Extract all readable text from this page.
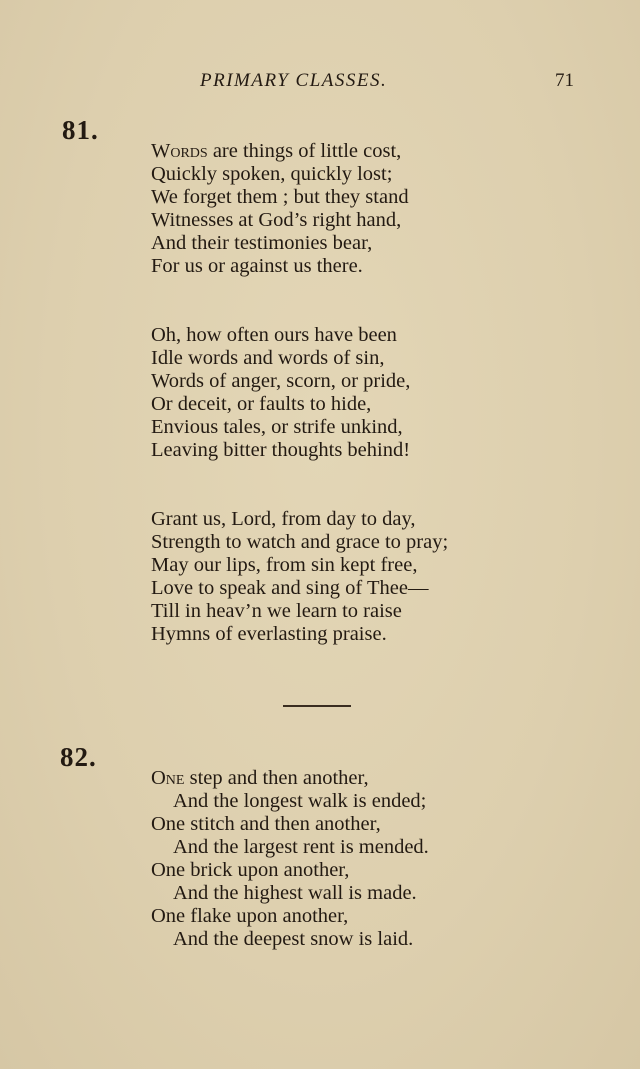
PRIMARY CLASSES.	71
81.
Words are things of little cost,
Quickly spoken, quickly lost;
We forget them ; but they stand
Witnesses at God’s right hand,
And their testimonies bear,
For us or against us there.
Oh, how often ours have been
Idle words and words of sin,
Words of anger, scorn, or pride,
Or deceit, or faults to hide,
Envious tales, or strife unkind,
Leaving bitter thoughts behind!
Grant us, Lord, from day to day,
Strength to watch and grace to pray;
May our lips, from sin kept free,
Love to speak and sing of Thee—
Till in heav’n we learn to raise
Hymns of everlasting praise.
82.
One step and then another,
And the longest walk is ended;
One stitch and then another,
And the largest rent is mended.
One brick upon another,
And the highest wall is made.
One flake upon another,
And the deepest snow is laid.
